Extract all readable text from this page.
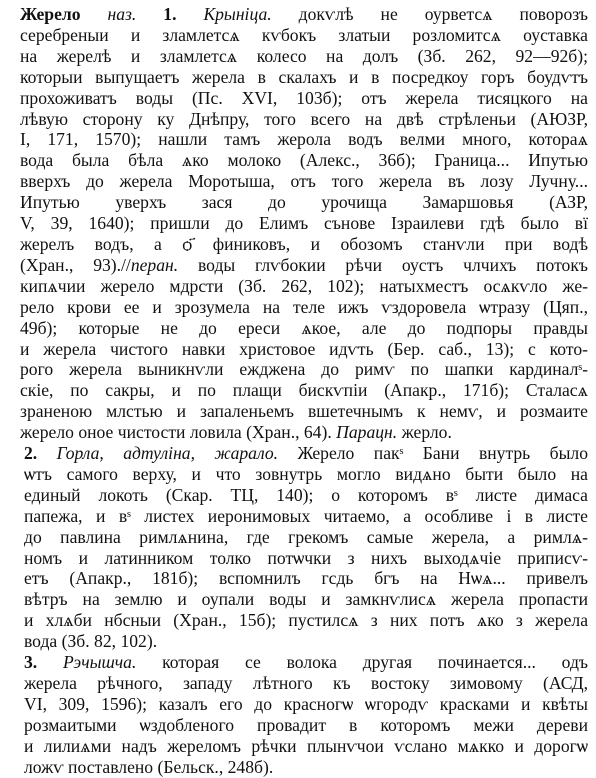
Жерело наз. 1. Крыніца. докѵлѣ не оурветсѧ поворозъ
серебреныи и зламлетсѧ кѵбокъ златыи розломитсѧ оуставка
на жерелѣ и зламлетсѧ колесо на долъ (Зб. 262, 92—92б);
которыи выпущаетъ жерела в скалахъ и в посредкоу горъ боудѵтъ
прохоживатъ воды (Пс. XVI, 103б); отъ жерела тисяцкого на
лѣвую сторону ку Днѣпру, того всего на двѣ стрѣленьи (АЮЗР,
І, 171, 1570); нашли тамъ жерола водъ велми много, котораѧ
вода была бѣла ѧко молоко (Алекс., 36б); Граница... Ипутью
вверхъ до жерела Моротыша, отъ того жерела въ лозу Лучну...
Ипутью уверхъ зася до урочища Замаршовья (АЗР,
V, 39, 1640); пришли до Елимъ сънове Ізраилеви гдѣ было вї
жерелъ водъ, а ѻ҃ финиковъ, и обозомъ станѵли при водѣ
(Хран., 93).//перан. воды глѵбокии рѣчи оустъ члчихъ потокъ
кипѧчии жерело мдрсти (Зб. 262, 102); натыхместъ осѧкѵло же-
рело крови ее и зрозумела на теле ижъ ѵздоровела ѡтразу (Цяп.,
49б); которые не до ереси ѧкое, але до подпоры правды
и жерела чистого навки христовое идѵть (Бер. саб., 13); с кото-
рого жерела выникнѵли ежджена до римѵ по шапки кардиналˢ-
скіе, по сакры, и по плащи бискѵпіи (Апакр., 171б); Сталасѧ
зраненою млстью и запаленьемъ вшетечнымъ к немѵ, и розмаите
жерело оное чистости ловила (Хран., 64). Парацн. жерло.
2. Горла, адтуліна, жарало. Жерело пакˢ Бани внутрь было
ѡтъ самого верху, и что зовнутрь могло видѧно быти было на
единый локоть (Скар. ТЦ, 140); о которомъ вˢ листе димаса
папежа, и вˢ листех иеронимовых читаемо, а особливе і в листе
до павлина римлѧнина, где грекомъ самые жерела, а римлѧ-
номъ и латинником толко потѡчки з нихъ выходѧчіе приписѵ-
етъ (Апакр., 181б); вспомнилъ гсдь бгъ на Нѡѧ... привелъ
вѣтръ на землю и оупали воды и замкнѵлисѧ жерела пропасти
и хлѧби нбсныи (Хран., 15б); пустилсѧ з них потъ ѧко з жерела
вода (Зб. 82, 102).
3. Рэчышча. которая се волока другая починается... одъ
жерела рѣчного, западу лѣтного къ востоку зимовому (АСД,
VI, 309, 1596); казалъ его до красногѡ ѡгородѵ красками и квѣты
розмаитыми ѡздобленого провадит в которомъ межи дереви
и лилиѧми надъ жереломъ рѣчки плынѵчои ѵслано мѧкко и дорогѡ
ложѵ поставлено (Бельск., 248б).
